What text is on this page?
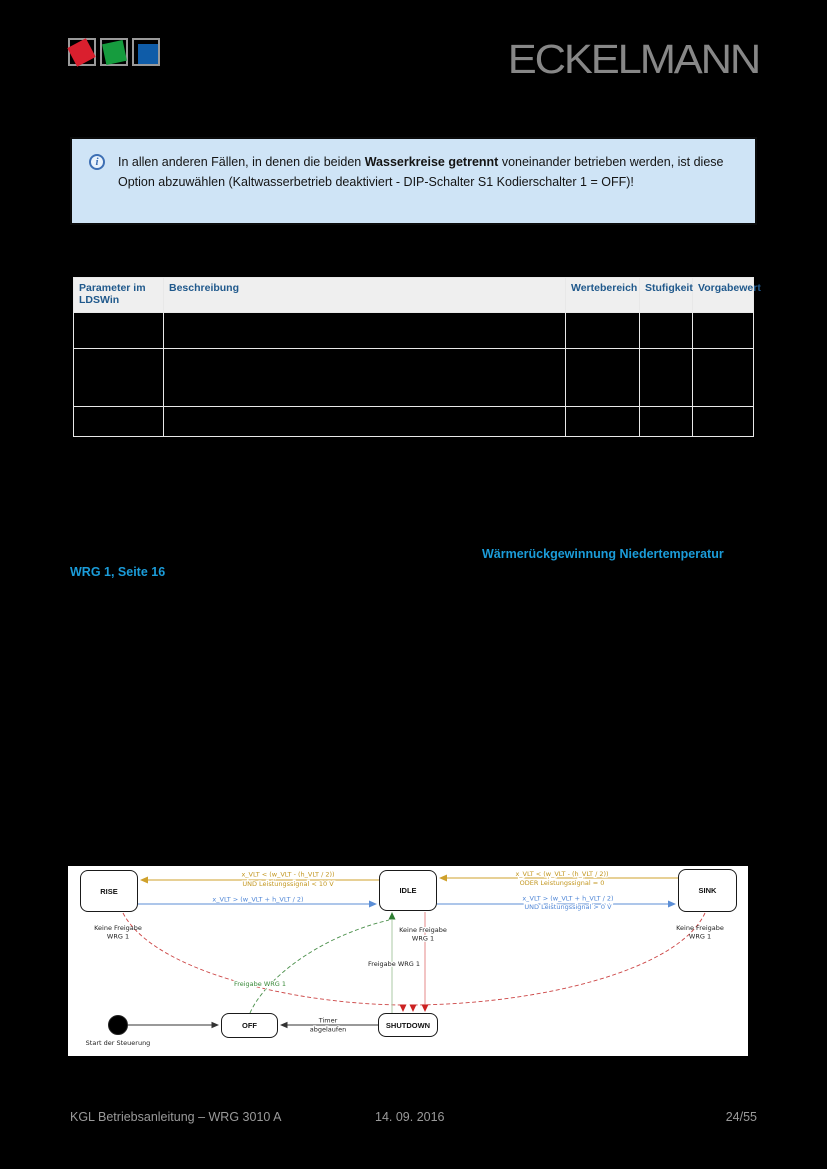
ECKELMANN
i	In allen anderen Fällen, in denen die beiden Wasserkreise getrennt voneinander betrieben werden, ist diese Option abzuwählen (Kaltwasserbetrieb deaktiviert - DIP-Schalter S1 Kodierschalter 1 = OFF)!
Parameter im LDSWin	Beschreibung	Wertebereich	Stufigkeit	Vorgabewert

Wärmerückgewinnung Niedertemperatur
WRG 1, Seite 16
x_VLT < (w_VLT - (h_VLT / 2))
UND Leistungssignal < 10 V
x_VLT > (w_VLT + h_VLT / 2)
x_VLT < (w_VLT - (h_VLT / 2))
ODER Leistungssignal = 0
x_VLT > (w_VLT + h_VLT / 2)
UND Leistungssignal > 0 V
Keine Freigabe
WRG 1
Keine Freigabe
WRG 1
Keine Freigabe
WRG 1
Freigabe WRG 1
Freigabe WRG 1
Timer
abgelaufen
Start der Steuerung
RISE	IDLE	SINK
OFF	SHUTDOWN
KGL Betriebsanleitung – WRG 3010 A	14. 09. 2016	24/55
